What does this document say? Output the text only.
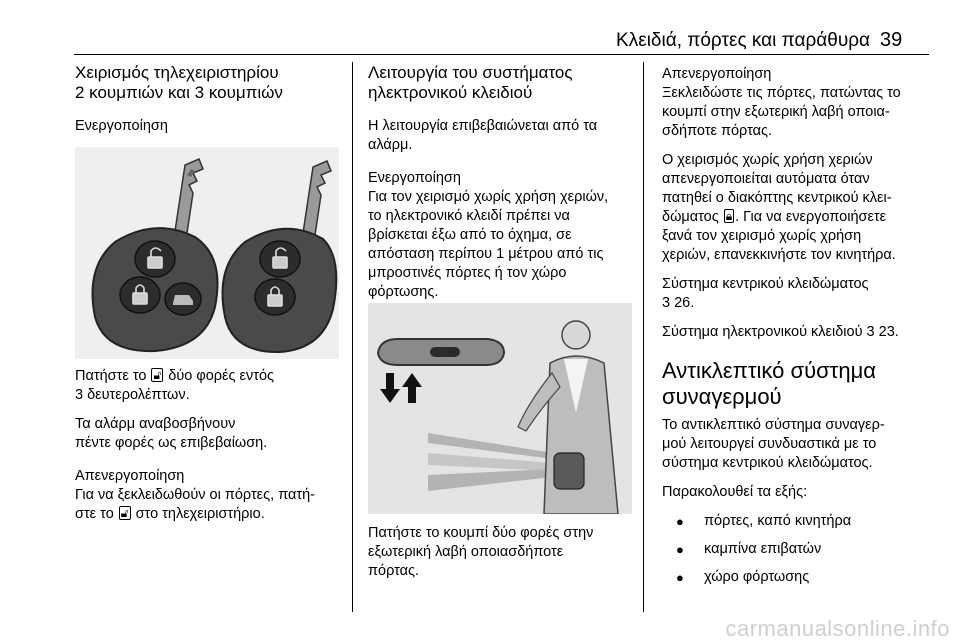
Κλειδιά, πόρτες και παράθυρα 39
Χειρισμός τηλεχειριστηρίου
2 κουμπιών και 3 κουμπιών
Ενεργοποίηση

Πατήστε το 🔓︎ δύο φορές εντός
3 δευτερολέπτων.

Τα αλάρμ αναβοσβήνουν
πέντε φορές ως επιβεβαίωση.

Απενεργοποίηση

Για να ξεκλειδωθούν οι πόρτες, πατή-
στε το 🔓︎ στο τηλεχειριστήριο.

Λειτουργία του συστήματος
ηλεκτρονικού κλειδιού

Η λειτουργία επιβεβαιώνεται από τα
αλάρμ.

Ενεργοποίηση

Για τον χειρισμό χωρίς χρήση χεριών,
το ηλεκτρονικό κλειδί πρέπει να
βρίσκεται έξω από το όχημα, σε
απόσταση περίπου 1 μέτρου από τις
μπροστινές πόρτες ή τον χώρο
φόρτωσης.

Πατήστε το κουμπί δύο φορές στην
εξωτερική λαβή οποιασδήποτε
πόρτας.

Απενεργοποίηση

Ξεκλειδώστε τις πόρτες, πατώντας το
κουμπί στην εξωτερική λαβή οποια-
σδήποτε πόρτας.

Ο χειρισμός χωρίς χρήση χεριών
απενεργοποιείται αυτόματα όταν
πατηθεί ο διακόπτης κεντρικού κλει-
δώματος 🔒︎ . Για να ενεργοποιήσετε
ξανά τον χειρισμό χωρίς χρήση
χεριών, επανεκκινήστε τον κινητήρα.

Σύστημα κεντρικού κλειδώματος
3 26.

Σύστημα ηλεκτρονικού κλειδιού 3 23.

Αντικλεπτικό σύστημα
συναγερμού

Το αντικλεπτικό σύστημα συναγερ-
μού λειτουργεί συνδυαστικά με το
σύστημα κεντρικού κλειδώματος.

Παρακολουθεί τα εξής:

● πόρτες, καπό κινητήρα
● καμπίνα επιβατών
● χώρο φόρτωσης
carmanualsonline.info
